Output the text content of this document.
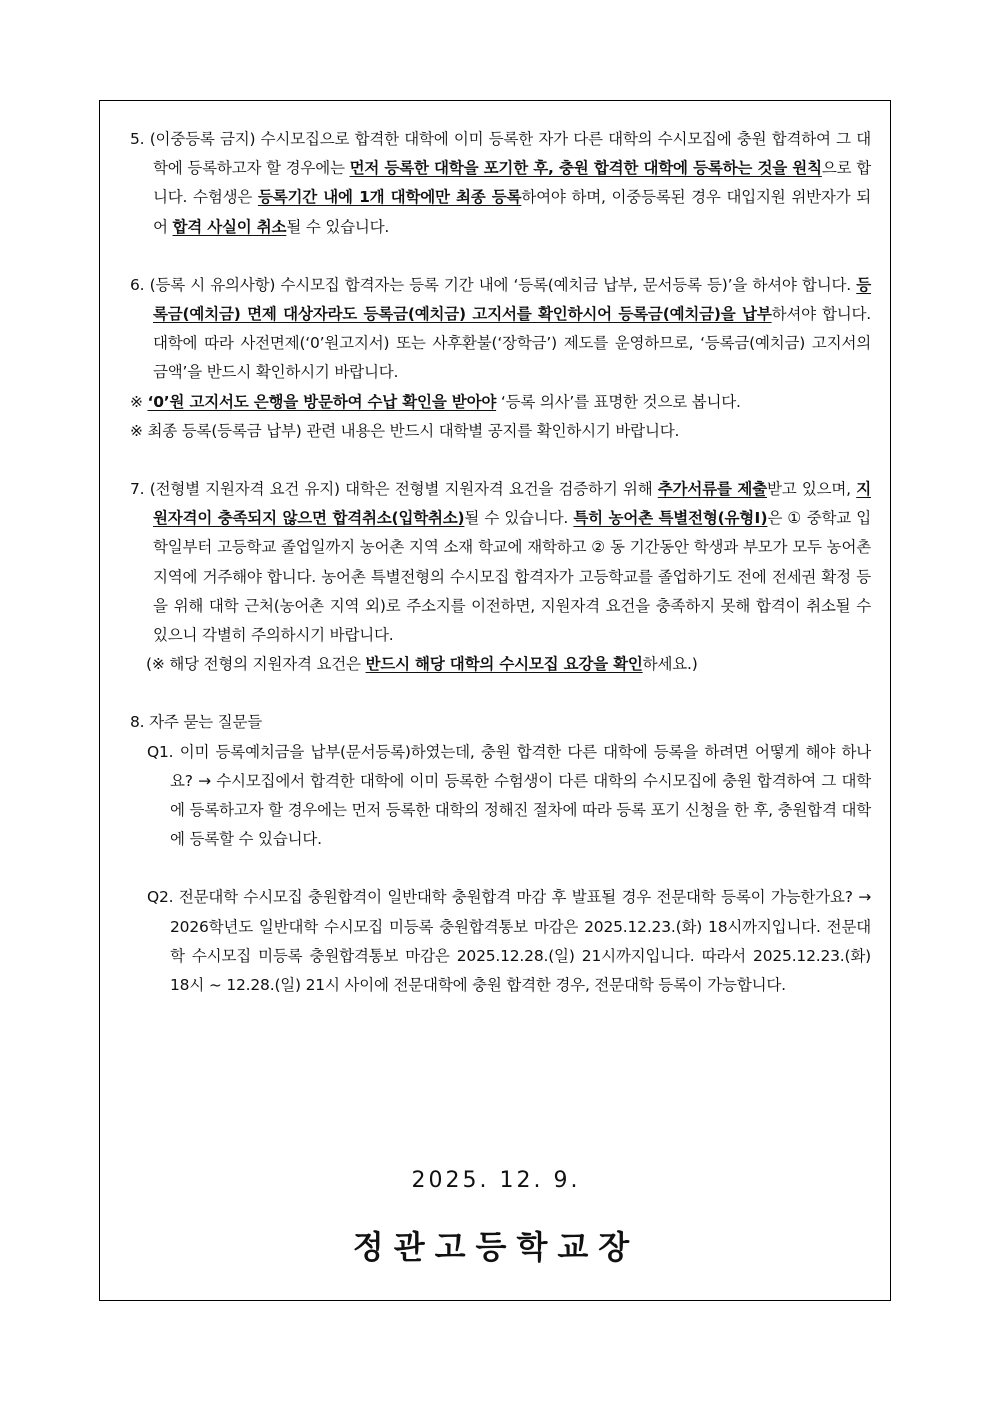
5. (이중등록 금지) 수시모집으로 합격한 대학에 이미 등록한 자가 다른 대학의 수시모집에 충원 합격하여 그 대학에 등록하고자 할 경우에는 먼저 등록한 대학을 포기한 후, 충원 합격한 대학에 등록하는 것을 원칙으로 합니다. 수험생은 등록기간 내에 1개 대학에만 최종 등록하여야 하며, 이중등록된 경우 대입지원 위반자가 되어 합격 사실이 취소될 수 있습니다.

6. (등록 시 유의사항) 수시모집 합격자는 등록 기간 내에 ‘등록(예치금 납부, 문서등록 등)’을 하셔야 합니다. 등록금(예치금) 면제 대상자라도 등록금(예치금) 고지서를 확인하시어 등록금(예치금)을 납부하셔야 합니다. 대학에 따라 사전면제(‘0’원고지서) 또는 사후환불(‘장학금’) 제도를 운영하므로, ‘등록금(예치금) 고지서의 금액’을 반드시 확인하시기 바랍니다.

※ ‘0’원 고지서도 은행을 방문하여 수납 확인을 받아야 ‘등록 의사’를 표명한 것으로 봅니다.

※ 최종 등록(등록금 납부) 관련 내용은 반드시 대학별 공지를 확인하시기 바랍니다.

7. (전형별 지원자격 요건 유지) 대학은 전형별 지원자격 요건을 검증하기 위해 추가서류를 제출받고 있으며, 지원자격이 충족되지 않으면 합격취소(입학취소)될 수 있습니다. 특히 농어촌 특별전형(유형Ⅰ)은 ① 중학교 입학일부터 고등학교 졸업일까지 농어촌 지역 소재 학교에 재학하고 ② 동 기간동안 학생과 부모가 모두 농어촌 지역에 거주해야 합니다. 농어촌 특별전형의 수시모집 합격자가 고등학교를 졸업하기도 전에 전세권 확정 등을 위해 대학 근처(농어촌 지역 외)로 주소지를 이전하면, 지원자격 요건을 충족하지 못해 합격이 취소될 수 있으니 각별히 주의하시기 바랍니다.

(※ 해당 전형의 지원자격 요건은 반드시 해당 대학의 수시모집 요강을 확인하세요.)

8. 자주 묻는 질문들

Q1. 이미 등록예치금을 납부(문서등록)하였는데, 충원 합격한 다른 대학에 등록을 하려면 어떻게 해야 하나요? → 수시모집에서 합격한 대학에 이미 등록한 수험생이 다른 대학의 수시모집에 충원 합격하여 그 대학에 등록하고자 할 경우에는 먼저 등록한 대학의 정해진 절차에 따라 등록 포기 신청을 한 후, 충원합격 대학에 등록할 수 있습니다.

Q2. 전문대학 수시모집 충원합격이 일반대학 충원합격 마감 후 발표될 경우 전문대학 등록이 가능한가요? → 2026학년도 일반대학 수시모집 미등록 충원합격통보 마감은 2025.12.23.(화) 18시까지입니다. 전문대학 수시모집 미등록 충원합격통보 마감은 2025.12.28.(일) 21시까지입니다. 따라서 2025.12.23.(화) 18시 ~ 12.28.(일) 21시 사이에 전문대학에 충원 합격한 경우, 전문대학 등록이 가능합니다.

2025. 12. 9.
정관고등학교장
